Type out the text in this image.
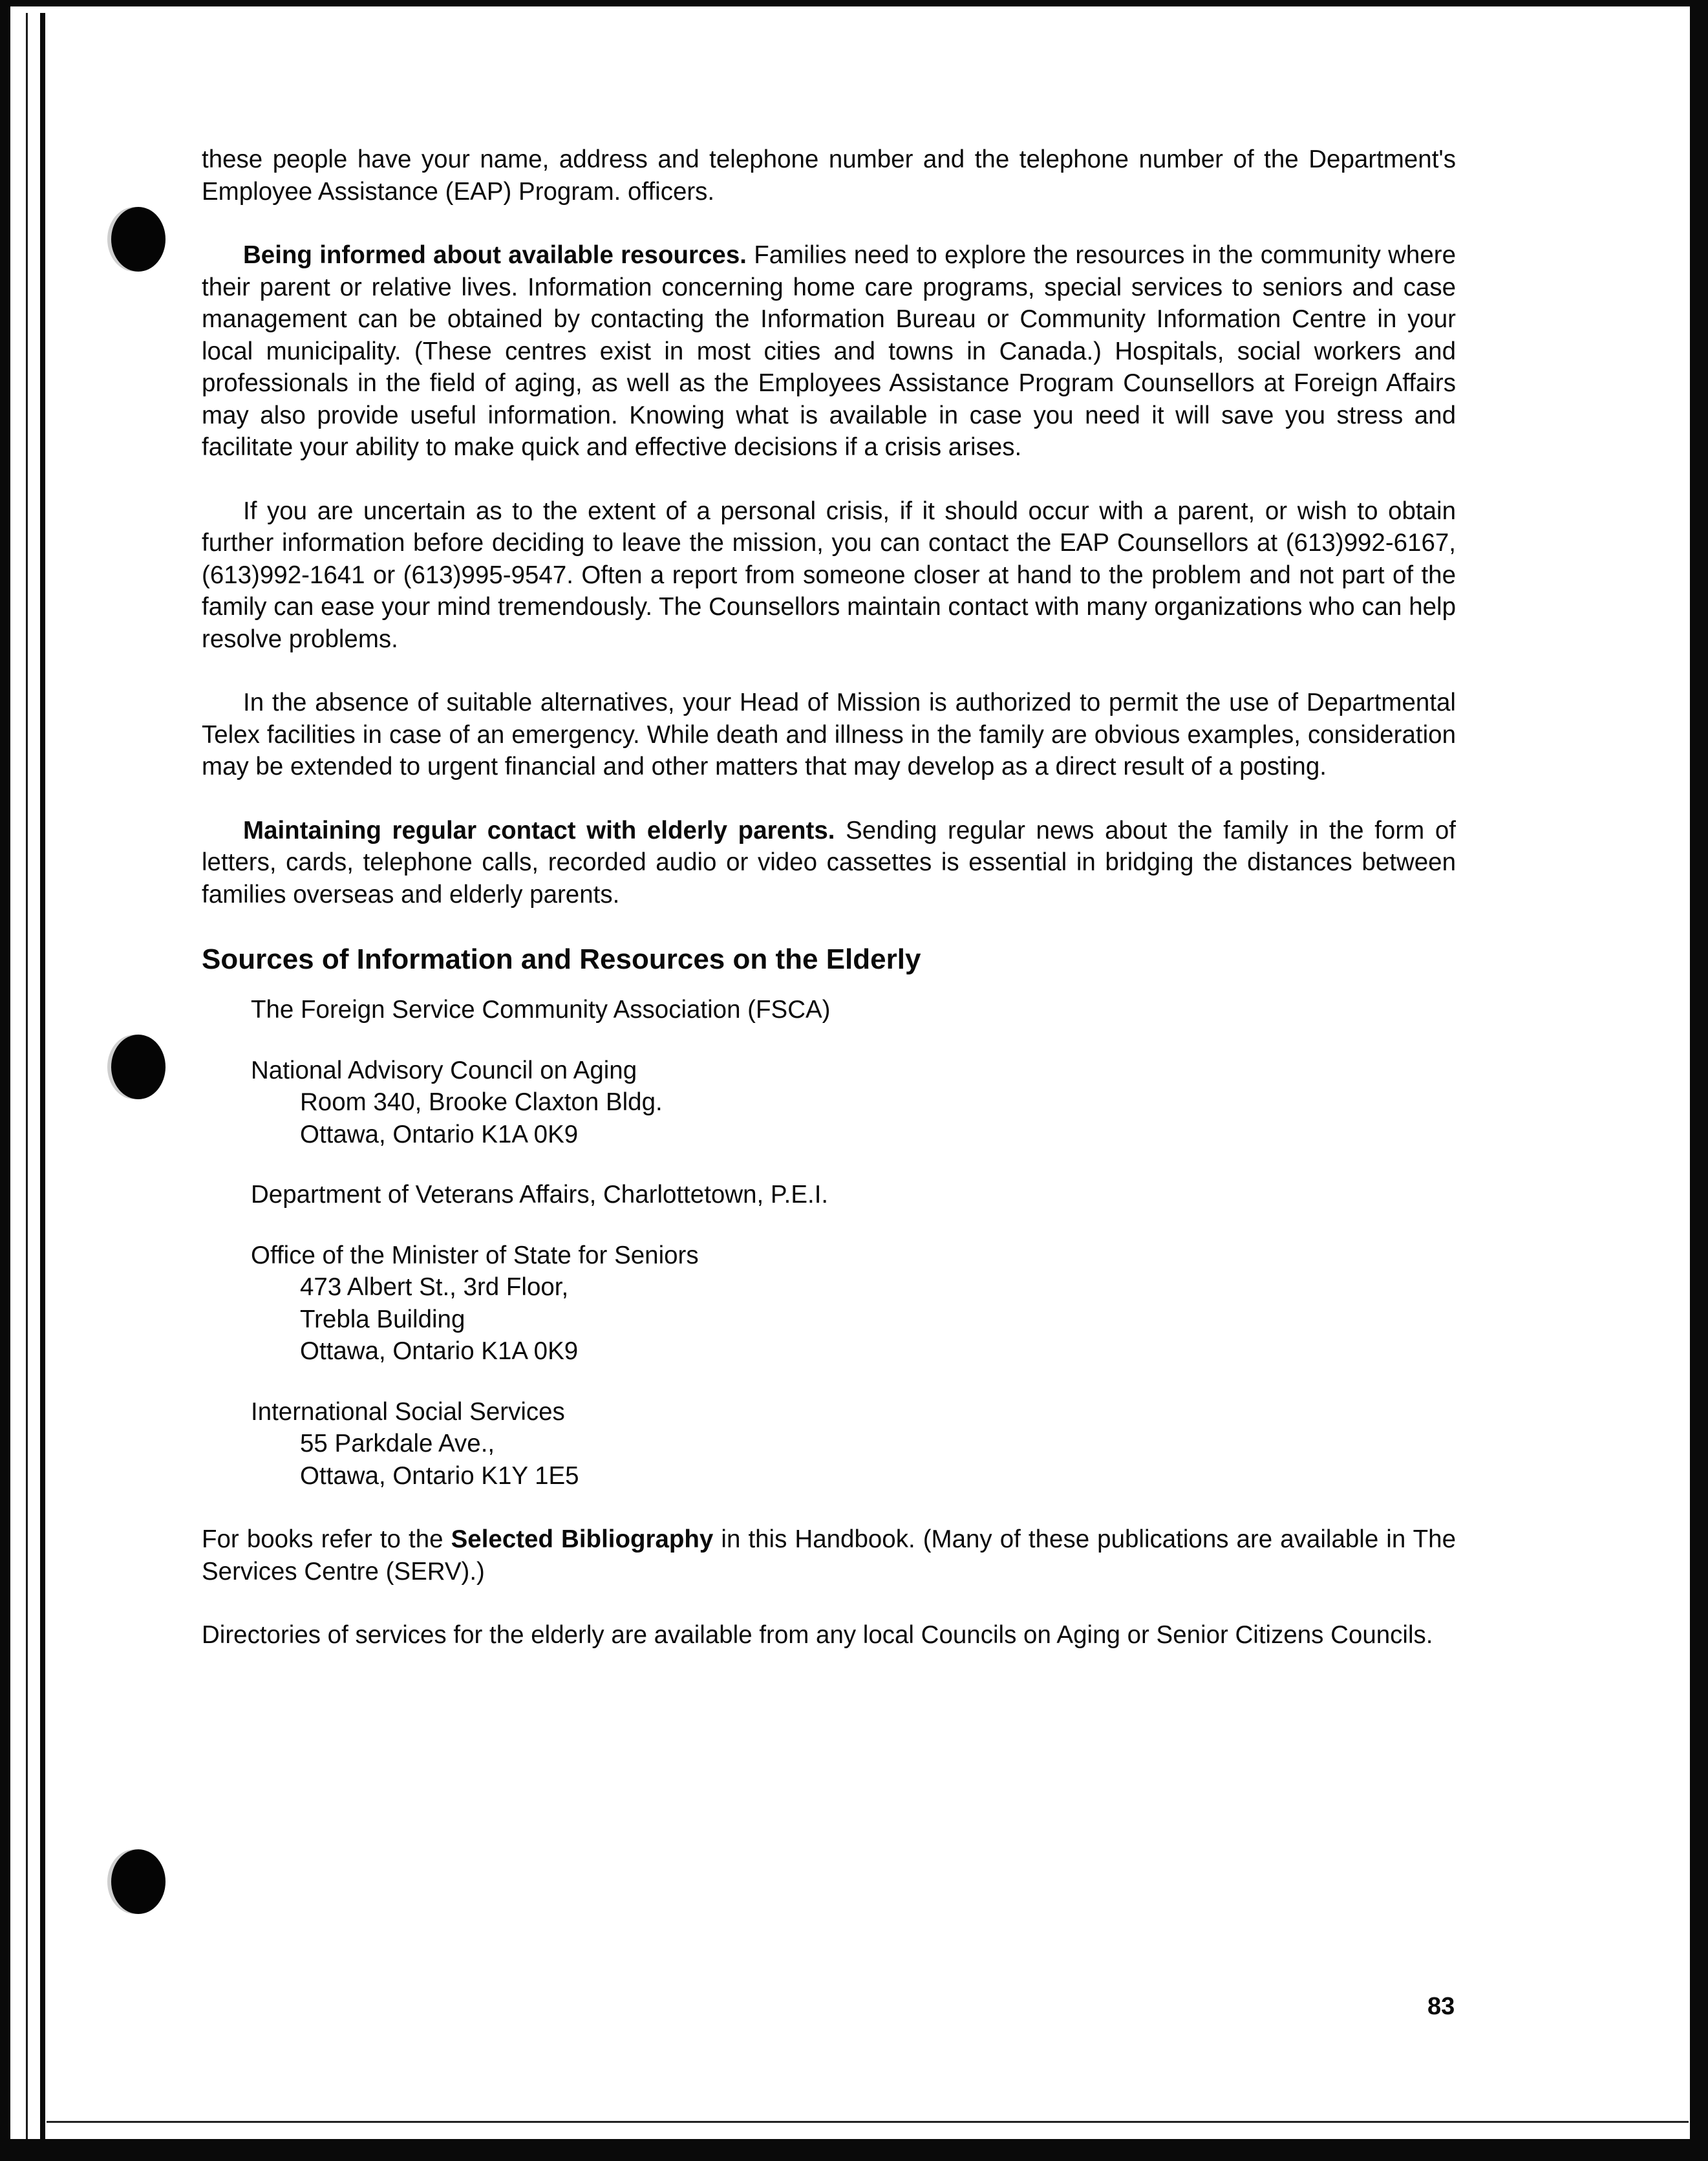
these people have your name, address and telephone number and the telephone number of the Department's Employee Assistance (EAP) Program. officers.

Being informed about available resources. Families need to explore the resources in the community where their parent or relative lives. Information concerning home care programs, special services to seniors and case management can be obtained by contacting the Information Bureau or Community Information Centre in your local municipality. (These centres exist in most cities and towns in Canada.) Hospitals, social workers and professionals in the field of aging, as well as the Employees Assistance Program Counsellors at Foreign Affairs may also provide useful information. Knowing what is available in case you need it will save you stress and facilitate your ability to make quick and effective decisions if a crisis arises.

If you are uncertain as to the extent of a personal crisis, if it should occur with a parent, or wish to obtain further information before deciding to leave the mission, you can contact the EAP Counsellors at (613)992-6167, (613)992-1641 or (613)995-9547. Often a report from someone closer at hand to the problem and not part of the family can ease your mind tremendously. The Counsellors maintain contact with many organizations who can help resolve problems.

In the absence of suitable alternatives, your Head of Mission is authorized to permit the use of Departmental Telex facilities in case of an emergency. While death and illness in the family are obvious examples, consideration may be extended to urgent financial and other matters that may develop as a direct result of a posting.

Maintaining regular contact with elderly parents. Sending regular news about the family in the form of letters, cards, telephone calls, recorded audio or video cassettes is essential in bridging the distances between families overseas and elderly parents.

Sources of Information and Resources on the Elderly
The Foreign Service Community Association (FSCA)
National Advisory Council on Aging
Room 340, Brooke Claxton Bldg.
Ottawa, Ontario K1A 0K9
Department of Veterans Affairs, Charlottetown, P.E.I.
Office of the Minister of State for Seniors
473 Albert St., 3rd Floor,
Trebla Building
Ottawa, Ontario K1A 0K9
International Social Services
55 Parkdale Ave.,
Ottawa, Ontario K1Y 1E5

For books refer to the Selected Bibliography in this Handbook. (Many of these publications are available in The Services Centre (SERV).)

Directories of services for the elderly are available from any local Councils on Aging or Senior Citizens Councils.

83
